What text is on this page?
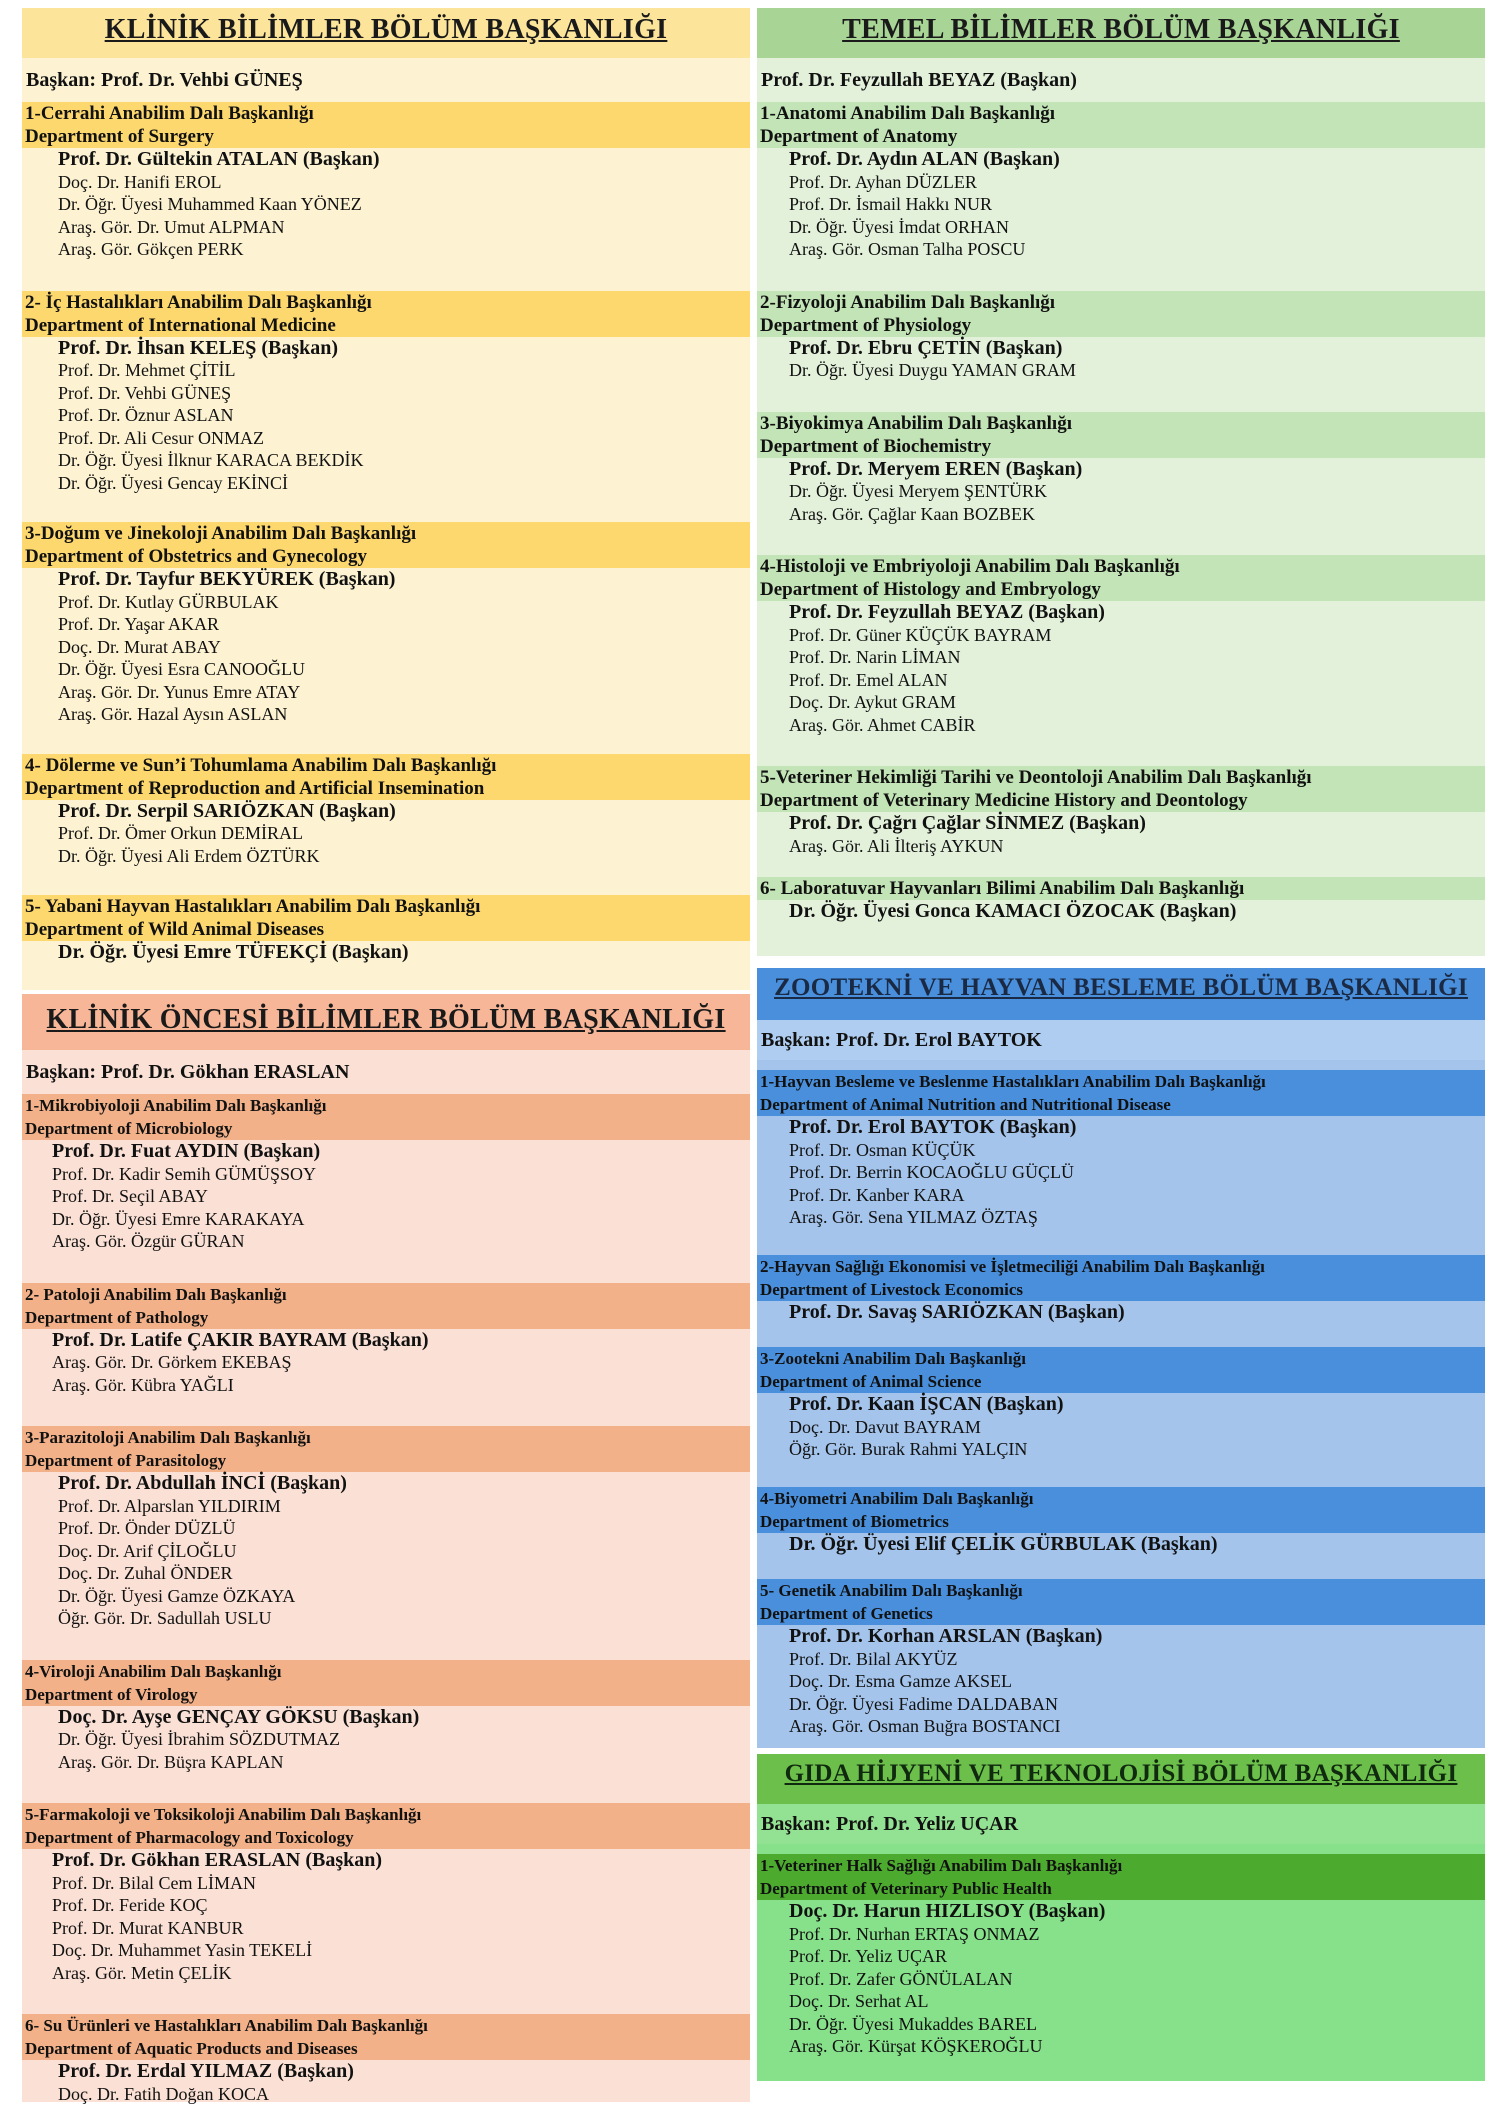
KLİNİK BİLİMLER BÖLÜM BAŞKANLIĞI
Başkan: Prof. Dr. Vehbi GÜNEŞ
1-Cerrahi Anabilim Dalı Başkanlığı
Department of Surgery
Prof. Dr. Gültekin ATALAN (Başkan)
Doç. Dr. Hanifi EROL
Dr. Öğr. Üyesi Muhammed Kaan YÖNEZ
Araş. Gör. Dr. Umut ALPMAN
Araş. Gör. Gökçen PERK
2- İç Hastalıkları Anabilim Dalı Başkanlığı
Department of International Medicine
Prof. Dr. İhsan KELEŞ (Başkan)
Prof. Dr. Mehmet ÇİTİL
Prof. Dr. Vehbi GÜNEŞ
Prof. Dr. Öznur ASLAN
Prof. Dr. Ali Cesur ONMAZ
Dr. Öğr. Üyesi İlknur KARACA BEKDİK
Dr. Öğr. Üyesi Gencay EKİNCİ
3-Doğum ve Jinekoloji Anabilim Dalı Başkanlığı
Department of Obstetrics and Gynecology
Prof. Dr. Tayfur BEKYÜREK (Başkan)
Prof. Dr. Kutlay GÜRBULAK
Prof. Dr. Yaşar AKAR
Doç. Dr. Murat ABAY
Dr. Öğr. Üyesi Esra CANOOĞLU
Araş. Gör. Dr. Yunus Emre ATAY
Araş. Gör. Hazal Aysın ASLAN
4- Dölerme ve Sun’i Tohumlama Anabilim Dalı Başkanlığı
Department of Reproduction and Artificial Insemination
Prof. Dr. Serpil SARIÖZKAN (Başkan)
Prof. Dr. Ömer Orkun DEMİRAL
Dr. Öğr. Üyesi Ali Erdem ÖZTÜRK
5- Yabani Hayvan Hastalıkları Anabilim Dalı Başkanlığı
Department of Wild Animal Diseases
Dr. Öğr. Üyesi Emre TÜFEKÇİ (Başkan)
KLİNİK ÖNCESİ BİLİMLER BÖLÜM BAŞKANLIĞI
Başkan: Prof. Dr. Gökhan ERASLAN
1-Mikrobiyoloji Anabilim Dalı Başkanlığı
Department of Microbiology
Prof. Dr. Fuat AYDIN (Başkan)
Prof. Dr. Kadir Semih GÜMÜŞSOY
Prof. Dr. Seçil ABAY
Dr. Öğr. Üyesi Emre KARAKAYA
Araş. Gör. Özgür GÜRAN
2- Patoloji Anabilim Dalı Başkanlığı
Department of Pathology
Prof. Dr. Latife ÇAKIR BAYRAM (Başkan)
Araş. Gör. Dr. Görkem EKEBAŞ
Araş. Gör. Kübra YAĞLI
3-Parazitoloji Anabilim Dalı Başkanlığı
Department of Parasitology
Prof. Dr. Abdullah İNCİ (Başkan)
Prof. Dr. Alparslan YILDIRIM
Prof. Dr. Önder DÜZLÜ
Doç. Dr. Arif ÇİLOĞLU
Doç. Dr. Zuhal ÖNDER
Dr. Öğr. Üyesi Gamze ÖZKAYA
Öğr. Gör. Dr. Sadullah USLU
4-Viroloji Anabilim Dalı Başkanlığı
Department of Virology
Doç. Dr. Ayşe GENÇAY GÖKSU (Başkan)
Dr. Öğr. Üyesi İbrahim SÖZDUTMAZ
Araş. Gör. Dr. Büşra KAPLAN
5-Farmakoloji ve Toksikoloji Anabilim Dalı Başkanlığı
Department of Pharmacology and Toxicology
Prof. Dr. Gökhan ERASLAN (Başkan)
Prof. Dr. Bilal Cem LİMAN
Prof. Dr. Feride KOÇ
Prof. Dr. Murat KANBUR
Doç. Dr. Muhammet Yasin TEKELİ
Araş. Gör. Metin ÇELİK
6- Su Ürünleri ve Hastalıkları Anabilim Dalı Başkanlığı
Department of Aquatic Products and Diseases
Prof. Dr. Erdal YILMAZ (Başkan)
Doç. Dr. Fatih Doğan KOCA
TEMEL BİLİMLER BÖLÜM BAŞKANLIĞI
Prof. Dr. Feyzullah BEYAZ (Başkan)
1-Anatomi Anabilim Dalı Başkanlığı
Department of Anatomy
Prof. Dr. Aydın ALAN (Başkan)
Prof. Dr. Ayhan DÜZLER
Prof. Dr. İsmail Hakkı NUR
Dr. Öğr. Üyesi İmdat ORHAN
Araş. Gör. Osman Talha POSCU
2-Fizyoloji Anabilim Dalı Başkanlığı
Department of Physiology
Prof. Dr. Ebru ÇETİN (Başkan)
Dr. Öğr. Üyesi Duygu YAMAN GRAM
3-Biyokimya Anabilim Dalı Başkanlığı
Department of Biochemistry
Prof. Dr. Meryem EREN (Başkan)
Dr. Öğr. Üyesi Meryem ŞENTÜRK
Araş. Gör. Çağlar Kaan BOZBEK
4-Histoloji ve Embriyoloji Anabilim Dalı Başkanlığı
Department of Histology and Embryology
Prof. Dr. Feyzullah BEYAZ (Başkan)
Prof. Dr. Güner KÜÇÜK BAYRAM
Prof. Dr. Narin LİMAN
Prof. Dr. Emel ALAN
Doç. Dr. Aykut GRAM
Araş. Gör. Ahmet CABİR
5-Veteriner Hekimliği Tarihi ve Deontoloji Anabilim Dalı Başkanlığı
Department of Veterinary Medicine History and Deontology
Prof. Dr. Çağrı Çağlar SİNMEZ (Başkan)
Araş. Gör. Ali İlteriş AYKUN
6- Laboratuvar Hayvanları Bilimi Anabilim Dalı Başkanlığı
Dr. Öğr. Üyesi Gonca KAMACI ÖZOCAK (Başkan)
ZOOTEKNİ VE HAYVAN BESLEME BÖLÜM BAŞKANLIĞI
Başkan: Prof. Dr. Erol BAYTOK
1-Hayvan Besleme ve Beslenme Hastalıkları Anabilim Dalı Başkanlığı
Department of Animal Nutrition and Nutritional Disease
Prof. Dr. Erol BAYTOK (Başkan)
Prof. Dr. Osman KÜÇÜK
Prof. Dr. Berrin KOCAOĞLU GÜÇLÜ
Prof. Dr. Kanber KARA
Araş. Gör. Sena YILMAZ ÖZTAŞ
2-Hayvan Sağlığı Ekonomisi ve İşletmeciliği Anabilim Dalı Başkanlığı
Department of Livestock Economics
Prof. Dr. Savaş SARIÖZKAN (Başkan)
3-Zootekni Anabilim Dalı Başkanlığı
Department of Animal Science
Prof. Dr. Kaan İŞCAN (Başkan)
Doç. Dr. Davut BAYRAM
Öğr. Gör. Burak Rahmi YALÇIN
4-Biyometri Anabilim Dalı Başkanlığı
Department of Biometrics
Dr. Öğr. Üyesi Elif ÇELİK GÜRBULAK (Başkan)
5- Genetik Anabilim Dalı Başkanlığı
Department of Genetics
Prof. Dr. Korhan ARSLAN (Başkan)
Prof. Dr. Bilal AKYÜZ
Doç. Dr. Esma Gamze AKSEL
Dr. Öğr. Üyesi Fadime DALDABAN
Araş. Gör. Osman Buğra BOSTANCI
GIDA HİJYENİ VE TEKNOLOJİSİ BÖLÜM BAŞKANLIĞI
Başkan: Prof. Dr. Yeliz UÇAR
1-Veteriner Halk Sağlığı Anabilim Dalı Başkanlığı
Department of Veterinary Public Health
Doç. Dr. Harun HIZLISOY (Başkan)
Prof. Dr. Nurhan ERTAŞ ONMAZ
Prof. Dr. Yeliz UÇAR
Prof. Dr. Zafer GÖNÜLALAN
Doç. Dr. Serhat AL
Dr. Öğr. Üyesi Mukaddes BAREL
Araş. Gör. Kürşat KÖŞKEROĞLU
